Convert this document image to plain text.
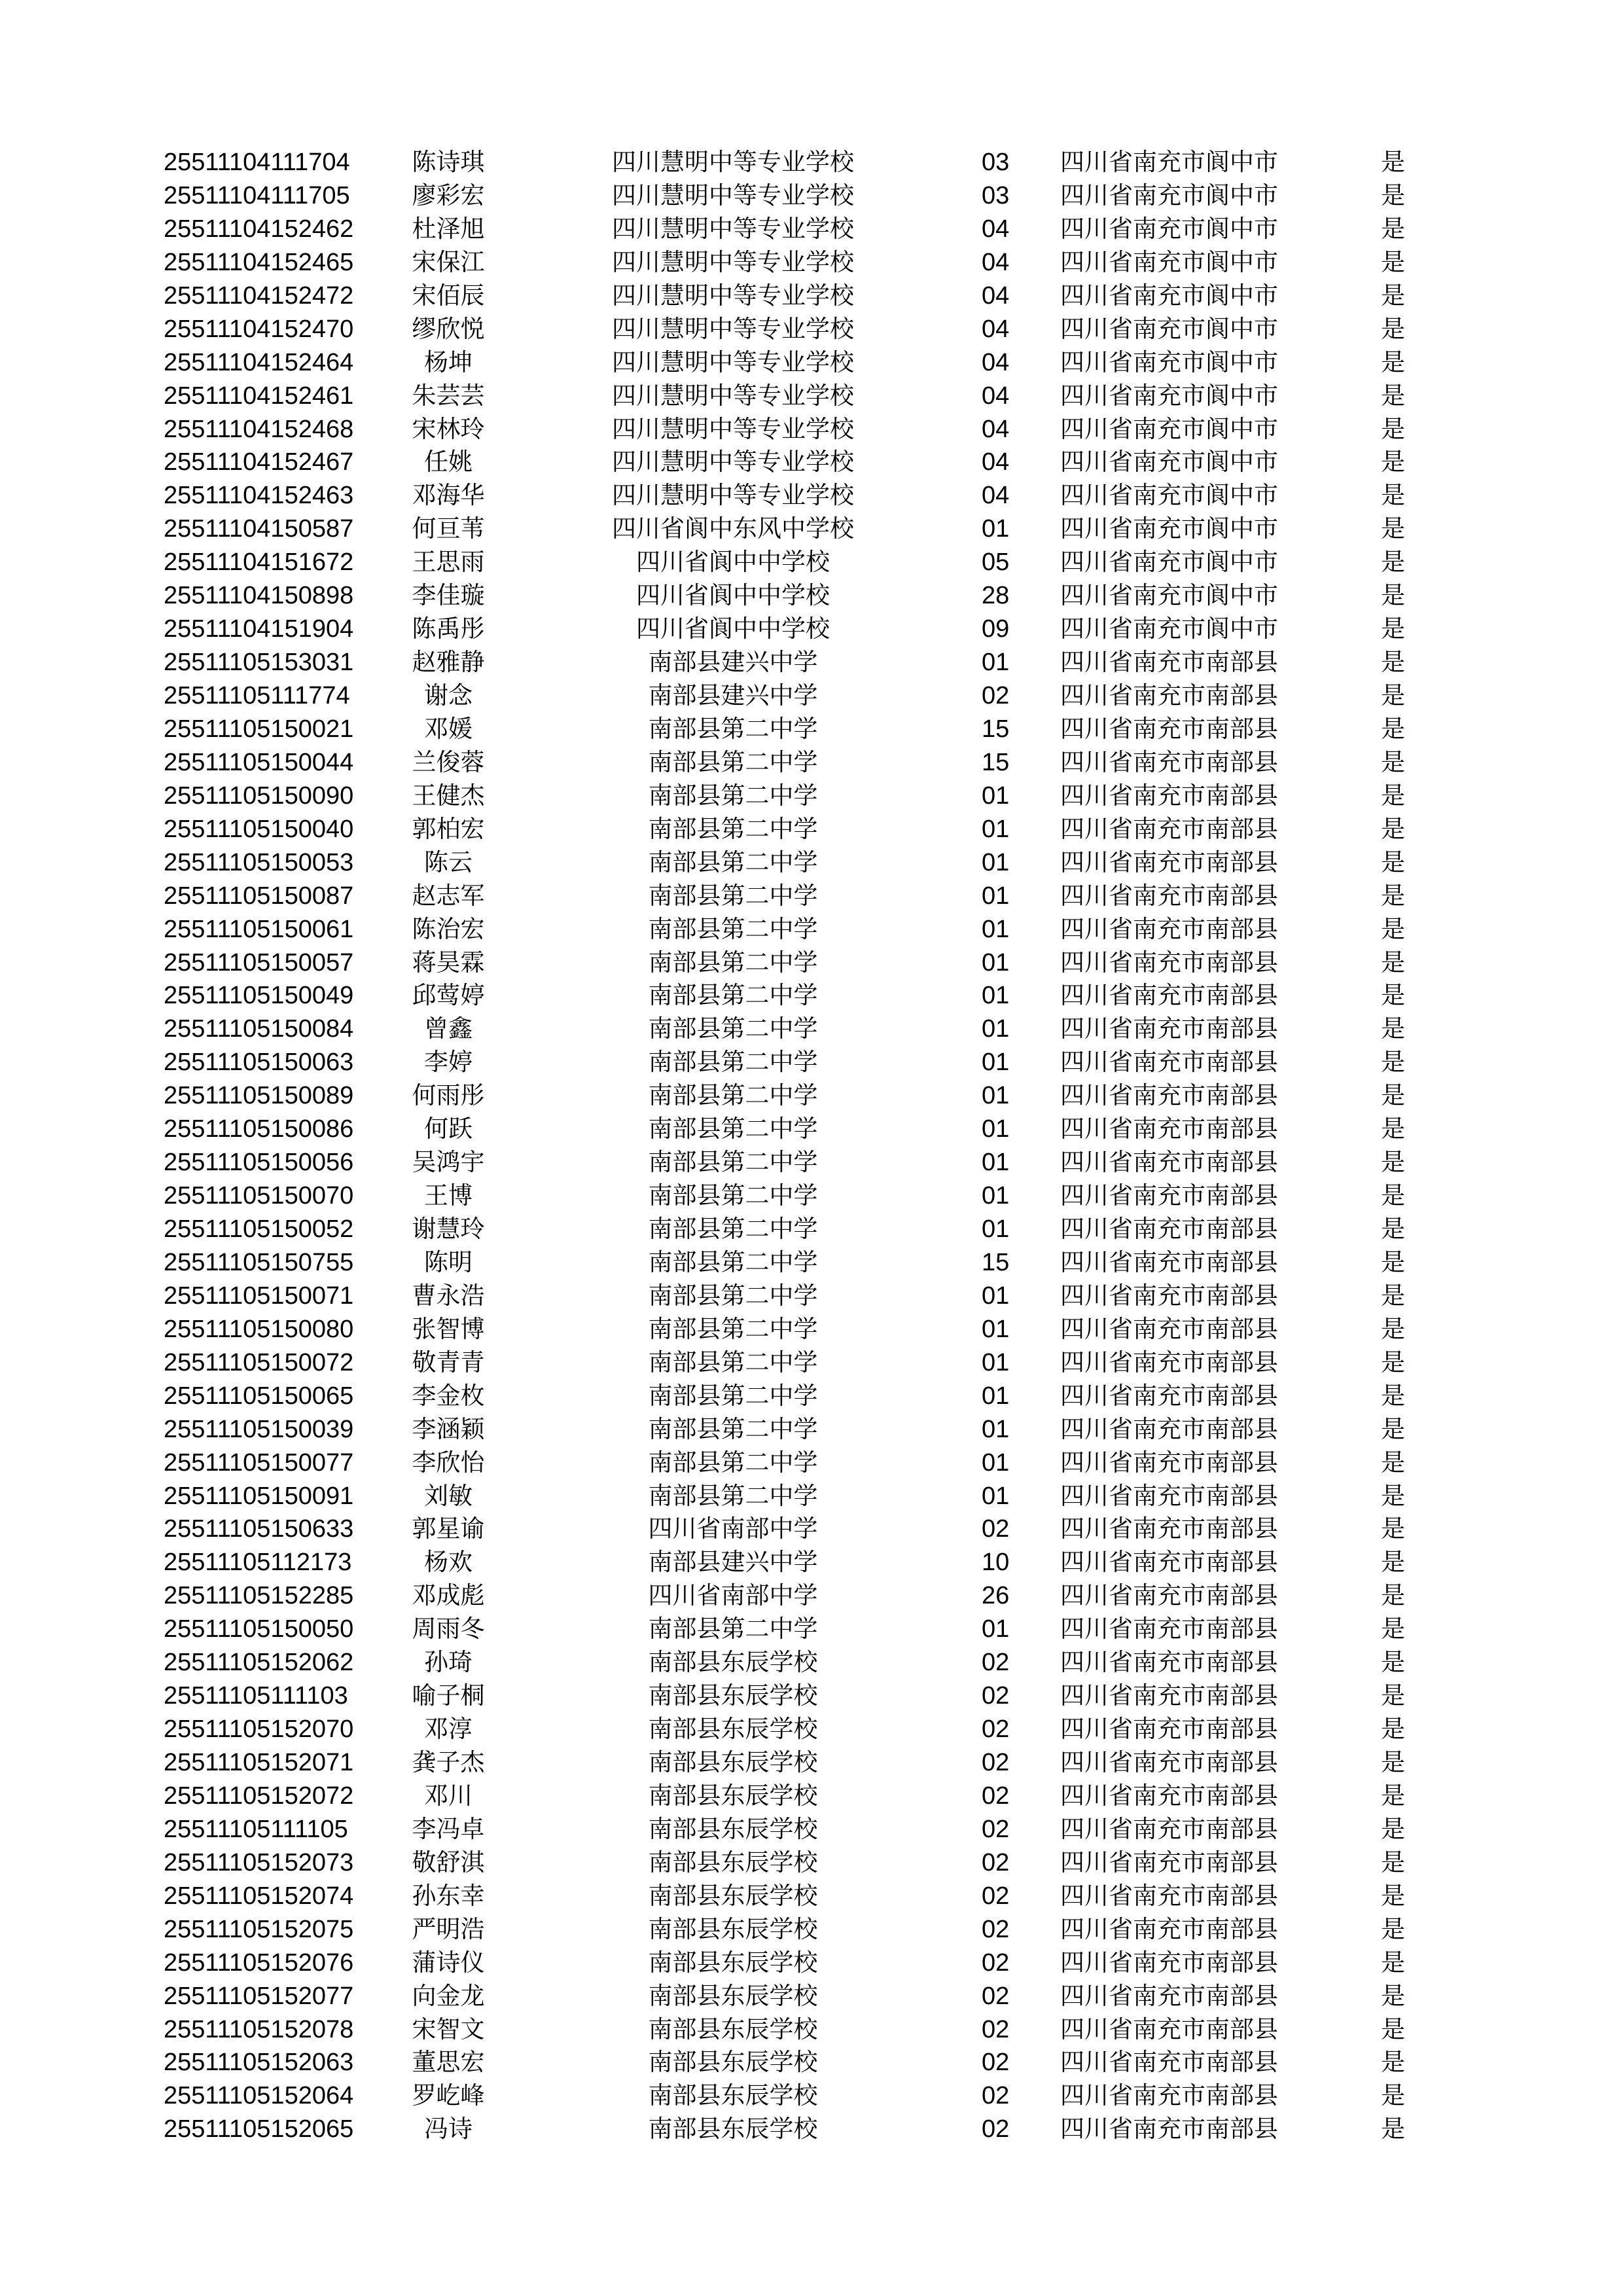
25511104111704	陈诗琪	四川慧明中等专业学校	03 四川省南充市阆中市	是
25511104111705	廖彩宏	四川慧明中等专业学校	03 四川省南充市阆中市	是
25511104152462	杜泽旭	四川慧明中等专业学校	04 四川省南充市阆中市	是
25511104152465	宋保江	四川慧明中等专业学校	04 四川省南充市阆中市	是
25511104152472	宋佰辰	四川慧明中等专业学校	04 四川省南充市阆中市	是
25511104152470	缪欣悦	四川慧明中等专业学校	04 四川省南充市阆中市	是
25511104152464	杨坤	四川慧明中等专业学校	04 四川省南充市阆中市	是
25511104152461	朱芸芸	四川慧明中等专业学校	04 四川省南充市阆中市	是
25511104152468	宋林玲	四川慧明中等专业学校	04 四川省南充市阆中市	是
25511104152467	任姚	四川慧明中等专业学校	04 四川省南充市阆中市	是
25511104152463	邓海华	四川慧明中等专业学校	04 四川省南充市阆中市	是
25511104150587	何亘苇	四川省阆中东风中学校	01 四川省南充市阆中市	是
25511104151672	王思雨	四川省阆中中学校	05 四川省南充市阆中市	是
25511104150898	李佳璇	四川省阆中中学校	28 四川省南充市阆中市	是
25511104151904	陈禹彤	四川省阆中中学校	09 四川省南充市阆中市	是
25511105153031	赵雅静	南部县建兴中学	01 四川省南充市南部县	是
25511105111774	谢念	南部县建兴中学	02 四川省南充市南部县	是
25511105150021	邓媛	南部县第二中学	15 四川省南充市南部县	是
25511105150044	兰俊蓉	南部县第二中学	15 四川省南充市南部县	是
25511105150090	王健杰	南部县第二中学	01 四川省南充市南部县	是
25511105150040	郭柏宏	南部县第二中学	01 四川省南充市南部县	是
25511105150053	陈云	南部县第二中学	01 四川省南充市南部县	是
25511105150087	赵志军	南部县第二中学	01 四川省南充市南部县	是
25511105150061	陈治宏	南部县第二中学	01 四川省南充市南部县	是
25511105150057	蒋昊霖	南部县第二中学	01 四川省南充市南部县	是
25511105150049	邱莺婷	南部县第二中学	01 四川省南充市南部县	是
25511105150084	曾鑫	南部县第二中学	01 四川省南充市南部县	是
25511105150063	李婷	南部县第二中学	01 四川省南充市南部县	是
25511105150089	何雨彤	南部县第二中学	01 四川省南充市南部县	是
25511105150086	何跃	南部县第二中学	01 四川省南充市南部县	是
25511105150056	吴鸿宇	南部县第二中学	01 四川省南充市南部县	是
25511105150070	王博	南部县第二中学	01 四川省南充市南部县	是
25511105150052	谢慧玲	南部县第二中学	01 四川省南充市南部县	是
25511105150755	陈明	南部县第二中学	15 四川省南充市南部县	是
25511105150071	曹永浩	南部县第二中学	01 四川省南充市南部县	是
25511105150080	张智博	南部县第二中学	01 四川省南充市南部县	是
25511105150072	敬青青	南部县第二中学	01 四川省南充市南部县	是
25511105150065	李金枚	南部县第二中学	01 四川省南充市南部县	是
25511105150039	李涵颖	南部县第二中学	01 四川省南充市南部县	是
25511105150077	李欣怡	南部县第二中学	01 四川省南充市南部县	是
25511105150091	刘敏	南部县第二中学	01 四川省南充市南部县	是
25511105150633	郭星谕	四川省南部中学	02 四川省南充市南部县	是
25511105112173	杨欢	南部县建兴中学	10 四川省南充市南部县	是
25511105152285	邓成彪	四川省南部中学	26 四川省南充市南部县	是
25511105150050	周雨冬	南部县第二中学	01 四川省南充市南部县	是
25511105152062	孙琦	南部县东辰学校	02 四川省南充市南部县	是
25511105111103	喻子桐	南部县东辰学校	02 四川省南充市南部县	是
25511105152070	邓淳	南部县东辰学校	02 四川省南充市南部县	是
25511105152071	龚子杰	南部县东辰学校	02 四川省南充市南部县	是
25511105152072	邓川	南部县东辰学校	02 四川省南充市南部县	是
25511105111105	李冯卓	南部县东辰学校	02 四川省南充市南部县	是
25511105152073	敬舒淇	南部县东辰学校	02 四川省南充市南部县	是
25511105152074	孙东幸	南部县东辰学校	02 四川省南充市南部县	是
25511105152075	严明浩	南部县东辰学校	02 四川省南充市南部县	是
25511105152076	蒲诗仪	南部县东辰学校	02 四川省南充市南部县	是
25511105152077	向金龙	南部县东辰学校	02 四川省南充市南部县	是
25511105152078	宋智文	南部县东辰学校	02 四川省南充市南部县	是
25511105152063	董思宏	南部县东辰学校	02 四川省南充市南部县	是
25511105152064	罗屹峰	南部县东辰学校	02 四川省南充市南部县	是
25511105152065	冯诗	南部县东辰学校	02 四川省南充市南部县	是
